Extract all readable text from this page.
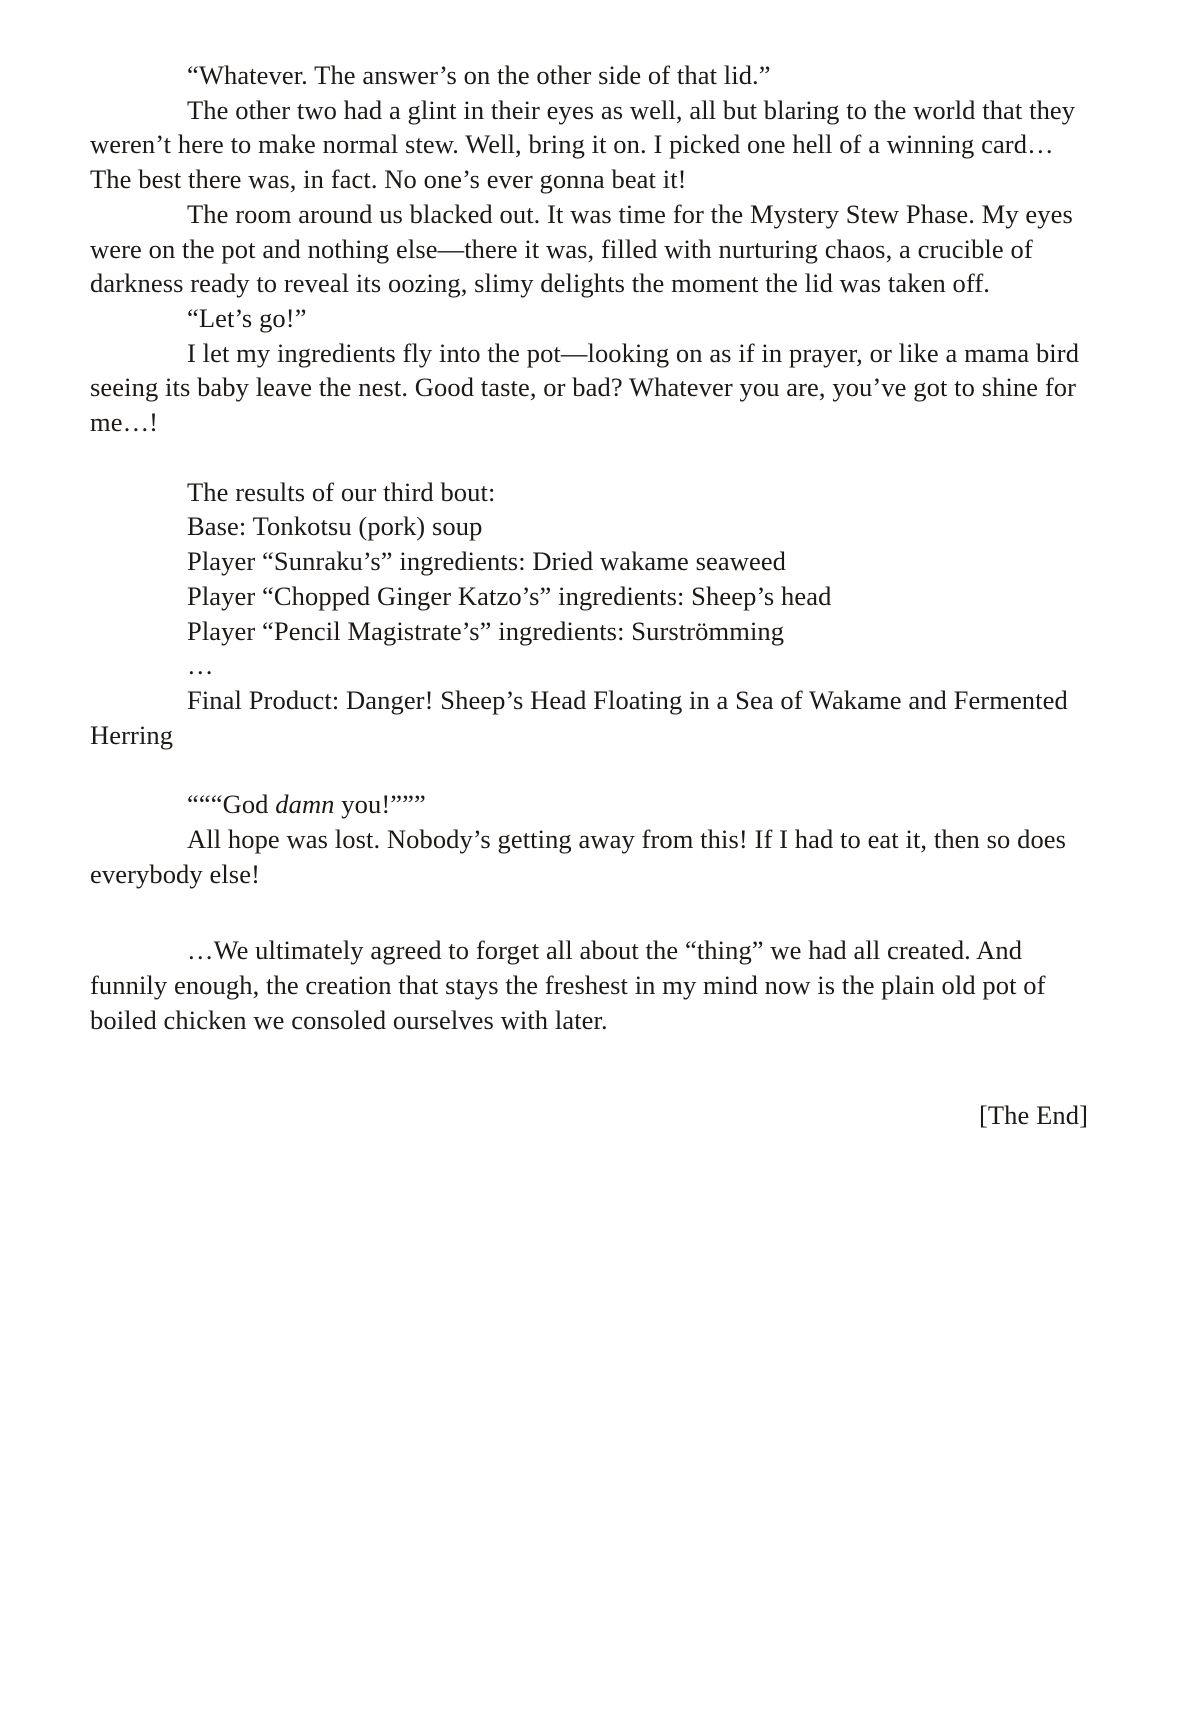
“Whatever. The answer’s on the other side of that lid.”

The other two had a glint in their eyes as well, all but blaring to the world that they weren’t here to make normal stew. Well, bring it on. I picked one hell of a winning card… The best there was, in fact. No one’s ever gonna beat it!

The room around us blacked out. It was time for the Mystery Stew Phase. My eyes were on the pot and nothing else—there it was, filled with nurturing chaos, a crucible of darkness ready to reveal its oozing, slimy delights the moment the lid was taken off.

“Let’s go!”

I let my ingredients fly into the pot—looking on as if in prayer, or like a mama bird seeing its baby leave the nest. Good taste, or bad? Whatever you are, you’ve got to shine for me…!

The results of our third bout:

Base: Tonkotsu (pork) soup

Player “Sunraku’s” ingredients: Dried wakame seaweed

Player “Chopped Ginger Katzo’s” ingredients: Sheep’s head

Player “Pencil Magistrate’s” ingredients: Surströmming

…

Final Product: Danger! Sheep’s Head Floating in a Sea of Wakame and Fermented Herring

“““God damn you!”””

All hope was lost. Nobody’s getting away from this! If I had to eat it, then so does everybody else!

…We ultimately agreed to forget all about the “thing” we had all created. And funnily enough, the creation that stays the freshest in my mind now is the plain old pot of boiled chicken we consoled ourselves with later.

[The End]
